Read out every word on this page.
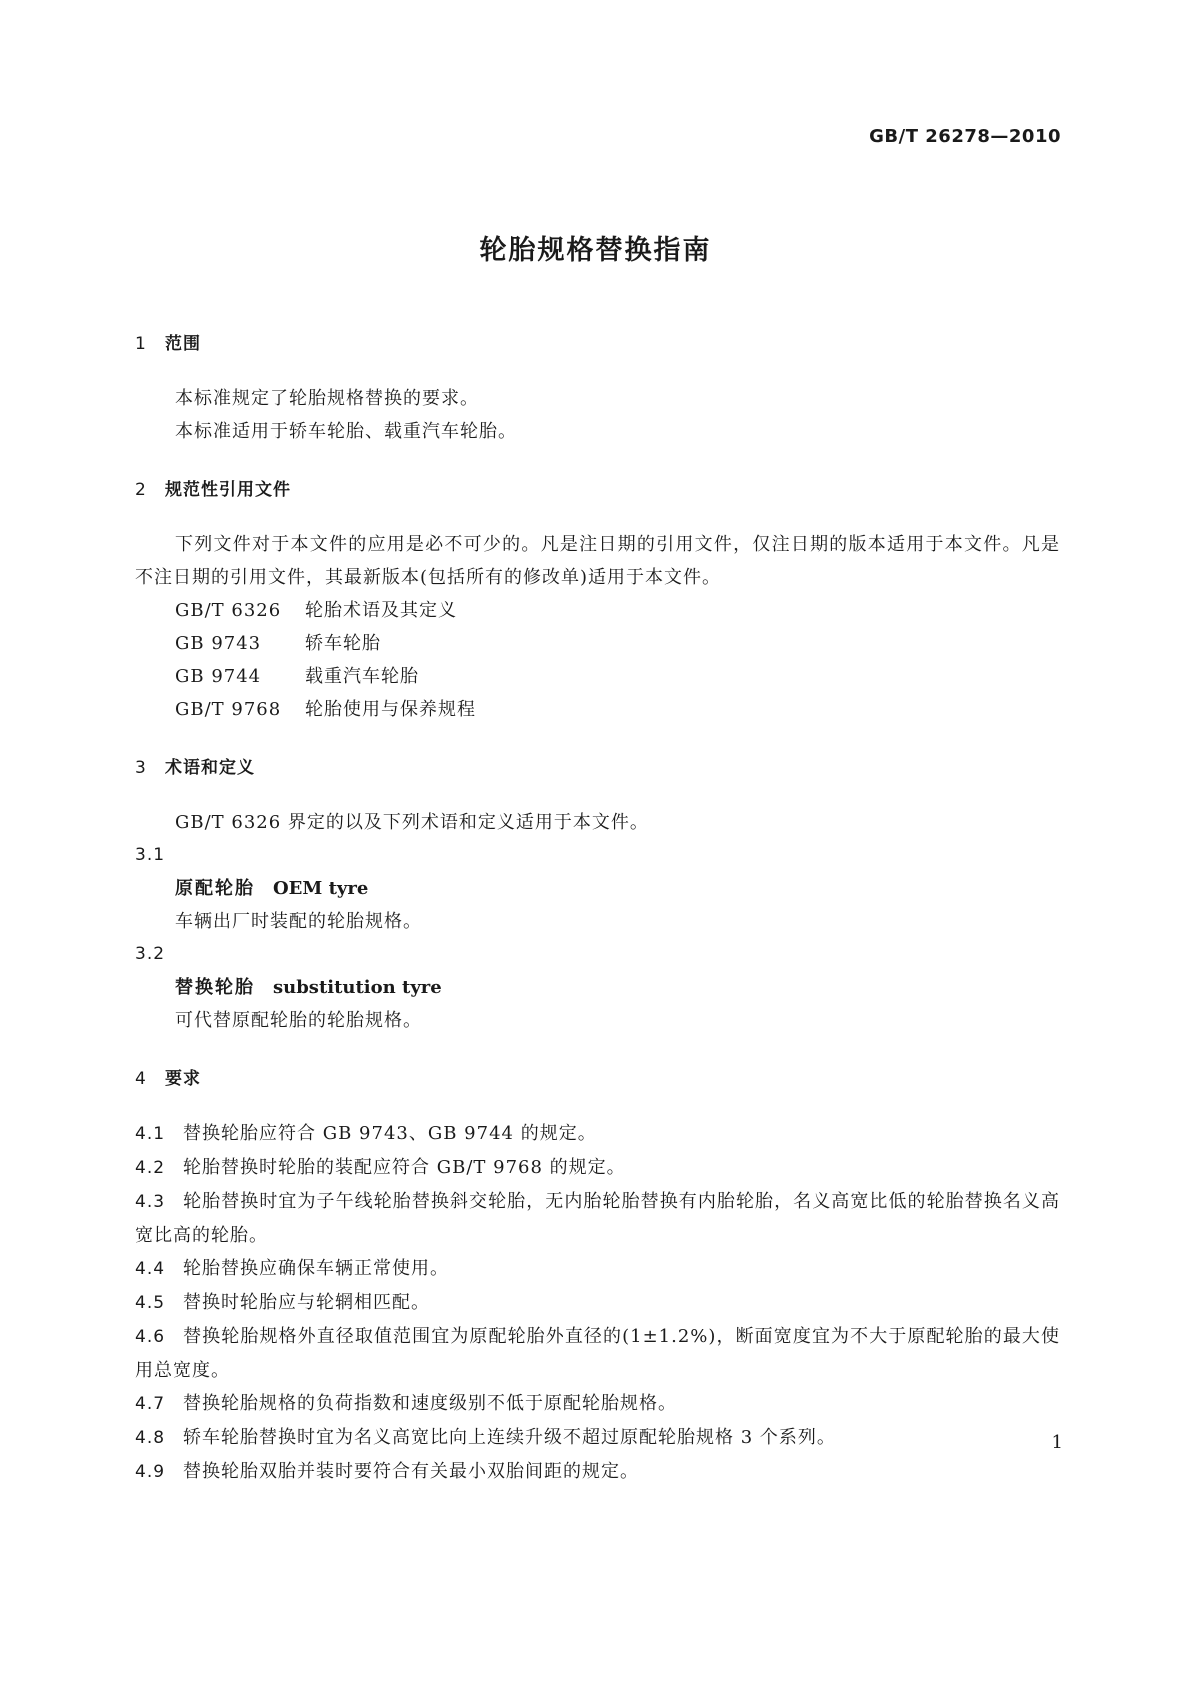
GB/T 26278—2010
轮胎规格替换指南
1 范围
本标准规定了轮胎规格替换的要求。
本标准适用于轿车轮胎、载重汽车轮胎。
2 规范性引用文件
下列文件对于本文件的应用是必不可少的。凡是注日期的引用文件，仅注日期的版本适用于本文件。凡是不注日期的引用文件，其最新版本(包括所有的修改单)适用于本文件。
GB/T 6326 轮胎术语及其定义
GB 9743 轿车轮胎
GB 9744 载重汽车轮胎
GB/T 9768 轮胎使用与保养规程
3 术语和定义
GB/T 6326 界定的以及下列术语和定义适用于本文件。
3.1
原配轮胎 OEM tyre
车辆出厂时装配的轮胎规格。
3.2
替换轮胎 substitution tyre
可代替原配轮胎的轮胎规格。
4 要求
4.1 替换轮胎应符合 GB 9743、GB 9744 的规定。
4.2 轮胎替换时轮胎的装配应符合 GB/T 9768 的规定。
4.3 轮胎替换时宜为子午线轮胎替换斜交轮胎，无内胎轮胎替换有内胎轮胎，名义高宽比低的轮胎替换名义高宽比高的轮胎。
4.4 轮胎替换应确保车辆正常使用。
4.5 替换时轮胎应与轮辋相匹配。
4.6 替换轮胎规格外直径取值范围宜为原配轮胎外直径的(1±1.2%)，断面宽度宜为不大于原配轮胎的最大使用总宽度。
4.7 替换轮胎规格的负荷指数和速度级别不低于原配轮胎规格。
4.8 轿车轮胎替换时宜为名义高宽比向上连续升级不超过原配轮胎规格 3 个系列。
4.9 替换轮胎双胎并装时要符合有关最小双胎间距的规定。
1
